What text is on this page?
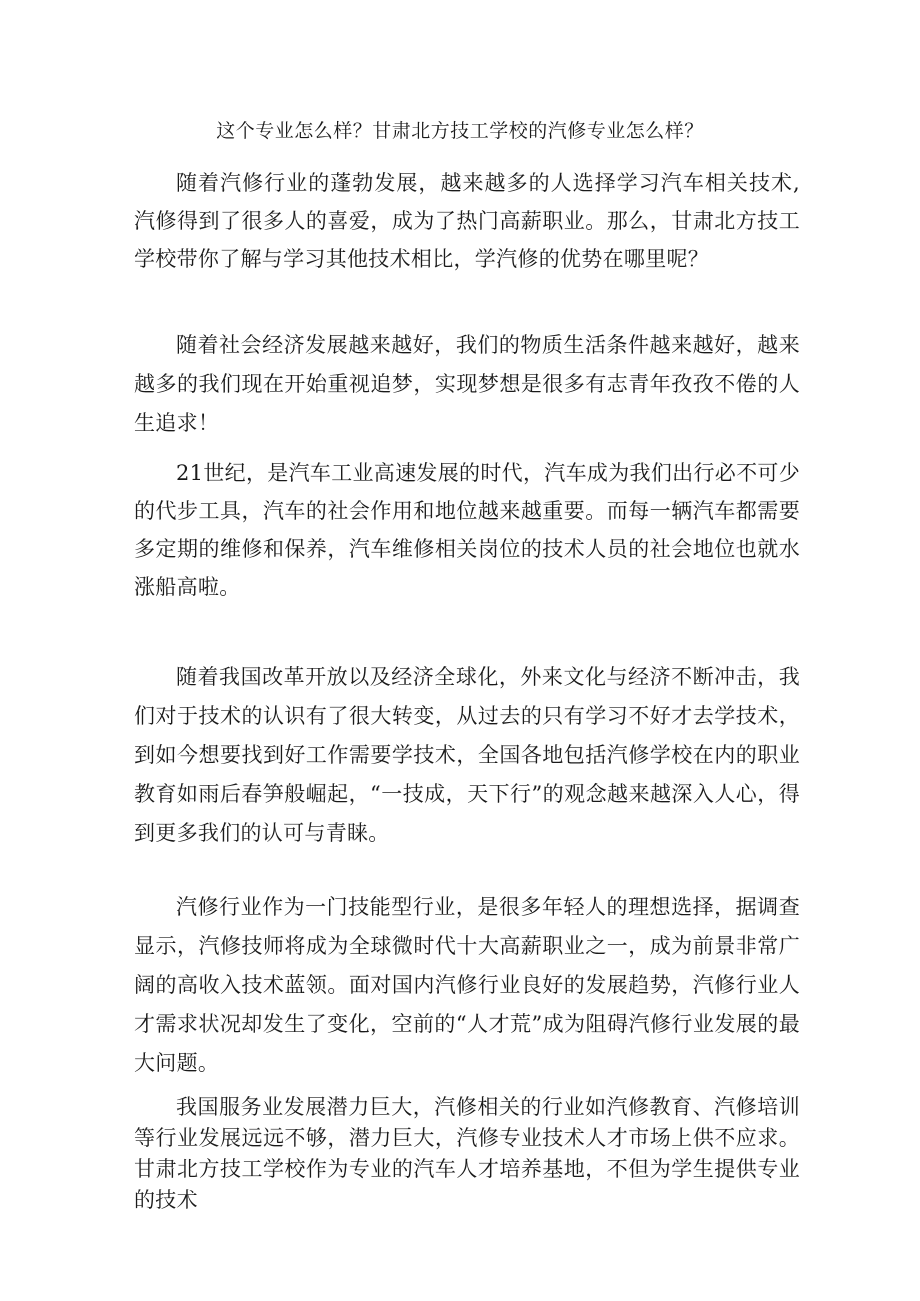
这个专业怎么样？甘肃北方技工学校的汽修专业怎么样？

随着汽修行业的蓬勃发展，越来越多的人选择学习汽车相关技术,汽修得到了很多人的喜爱，成为了热门高薪职业。那么，甘肃北方技工学校带你了解与学习其他技术相比，学汽修的优势在哪里呢？

随着社会经济发展越来越好，我们的物质生活条件越来越好，越来越多的我们现在开始重视追梦，实现梦想是很多有志青年孜孜不倦的人生追求！

21世纪，是汽车工业高速发展的时代，汽车成为我们出行必不可少的代步工具，汽车的社会作用和地位越来越重要。而每一辆汽车都需要多定期的维修和保养，汽车维修相关岗位的技术人员的社会地位也就水涨船高啦。

随着我国改革开放以及经济全球化，外来文化与经济不断冲击，我们对于技术的认识有了很大转变，从过去的只有学习不好才去学技术，到如今想要找到好工作需要学技术，全国各地包括汽修学校在内的职业教育如雨后春笋般崛起，“一技成，天下行”的观念越来越深入人心，得到更多我们的认可与青睐。

汽修行业作为一门技能型行业，是很多年轻人的理想选择，据调查显示，汽修技师将成为全球微时代十大高薪职业之一，成为前景非常广阔的高收入技术蓝领。面对国内汽修行业良好的发展趋势，汽修行业人才需求状况却发生了变化，空前的“人才荒”成为阻碍汽修行业发展的最大问题。

我国服务业发展潜力巨大，汽修相关的行业如汽修教育、汽修培训等行业发展远远不够，潜力巨大，汽修专业技术人才市场上供不应求。甘肃北方技工学校作为专业的汽车人才培养基地，不但为学生提供专业的技术
